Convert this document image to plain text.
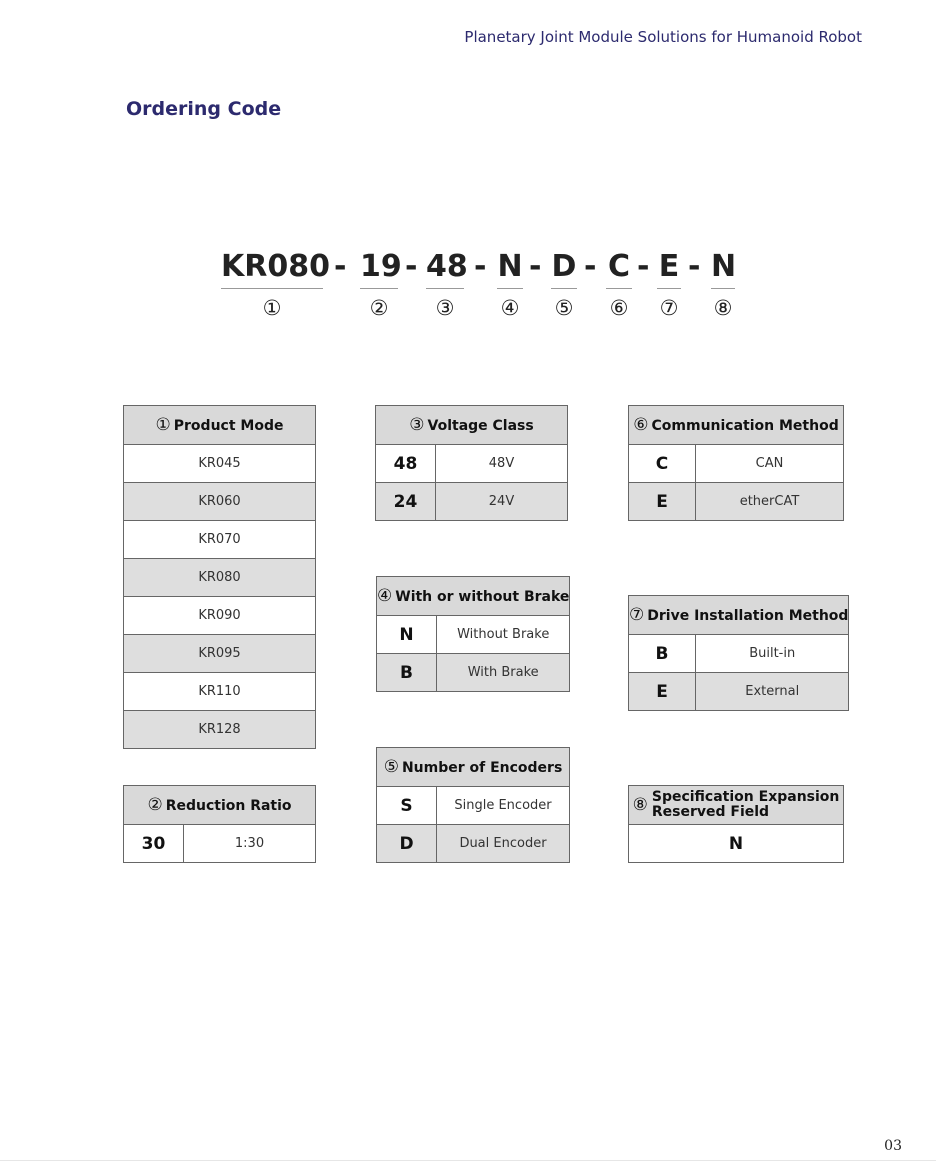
Planetary Joint Module Solutions for Humanoid Robot
Ordering Code
KR080
①
- 19
②
- 48
③
- N
④
- D
⑤
- C
⑥
- E
⑦
- N
⑧
① Product Mode
KR045
KR060
KR070
KR080
KR090
KR095
KR110
KR128
② Reduction Ratio
30	1:30
③ Voltage Class	
48	48V
24	24V
④ With or without Brake	
N	Without Brake
B	With Brake
⑤ Number of Encoders	
S	Single Encoder
D	Dual Encoder
⑥ Communication Method	
C	CAN
E	etherCAT
⑦ Drive Installation Method	
B	Built-in
E	External
⑧	Specification Expansion
Reserved Field

N
03
